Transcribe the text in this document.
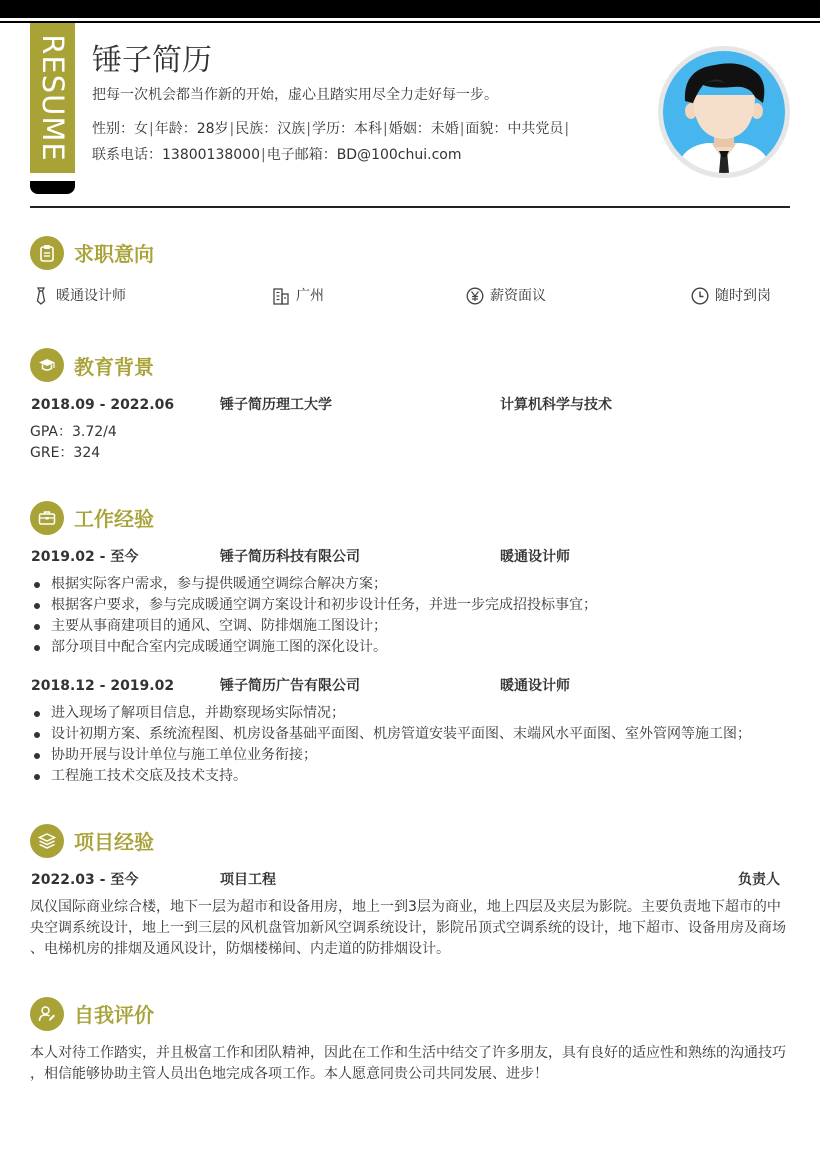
RESUME 锤子简历
把每一次机会都当作新的开始，虚心且踏实用尽全力走好每一步。
性别：女|年龄：28岁|民族：汉族|学历：本科|婚姻：未婚|面貌：中共党员|
联系电话：13800138000|电子邮箱：BD@100chui.com
求职意向
暖通设计师	广州	薪资面议	随时到岗
教育背景
2018.09 - 2022.06	锤子简历理工大学	计算机科学与技术
GPA：3.72/4
GRE：324
工作经验
2019.02 - 至今	锤子简历科技有限公司	暖通设计师
根据实际客户需求，参与提供暖通空调综合解决方案；
根据客户要求，参与完成暖通空调方案设计和初步设计任务，并进一步完成招投标事宜；
主要从事商建项目的通风、空调、防排烟施工图设计；
部分项目中配合室内完成暖通空调施工图的深化设计。
2018.12 - 2019.02	锤子简历广告有限公司	暖通设计师
进入现场了解项目信息，并勘察现场实际情况；
设计初期方案、系统流程图、机房设备基础平面图、机房管道安装平面图、末端风水平面图、室外管网等施工图；
协助开展与设计单位与施工单位业务衔接；
工程施工技术交底及技术支持。
项目经验
2022.03 - 至今	项目工程	负责人
凤仪国际商业综合楼，地下一层为超市和设备用房，地上一到3层为商业，地上四层及夹层为影院。主要负责地下超市的中
央空调系统设计，地上一到三层的风机盘管加新风空调系统设计，影院吊顶式空调系统的设计，地下超市、设备用房及商场
、电梯机房的排烟及通风设计，防烟楼梯间、内走道的防排烟设计。
自我评价
本人对待工作踏实，并且极富工作和团队精神，因此在工作和生活中结交了许多朋友，具有良好的适应性和熟练的沟通技巧
，相信能够协助主管人员出色地完成各项工作。本人愿意同贵公司共同发展、进步！
